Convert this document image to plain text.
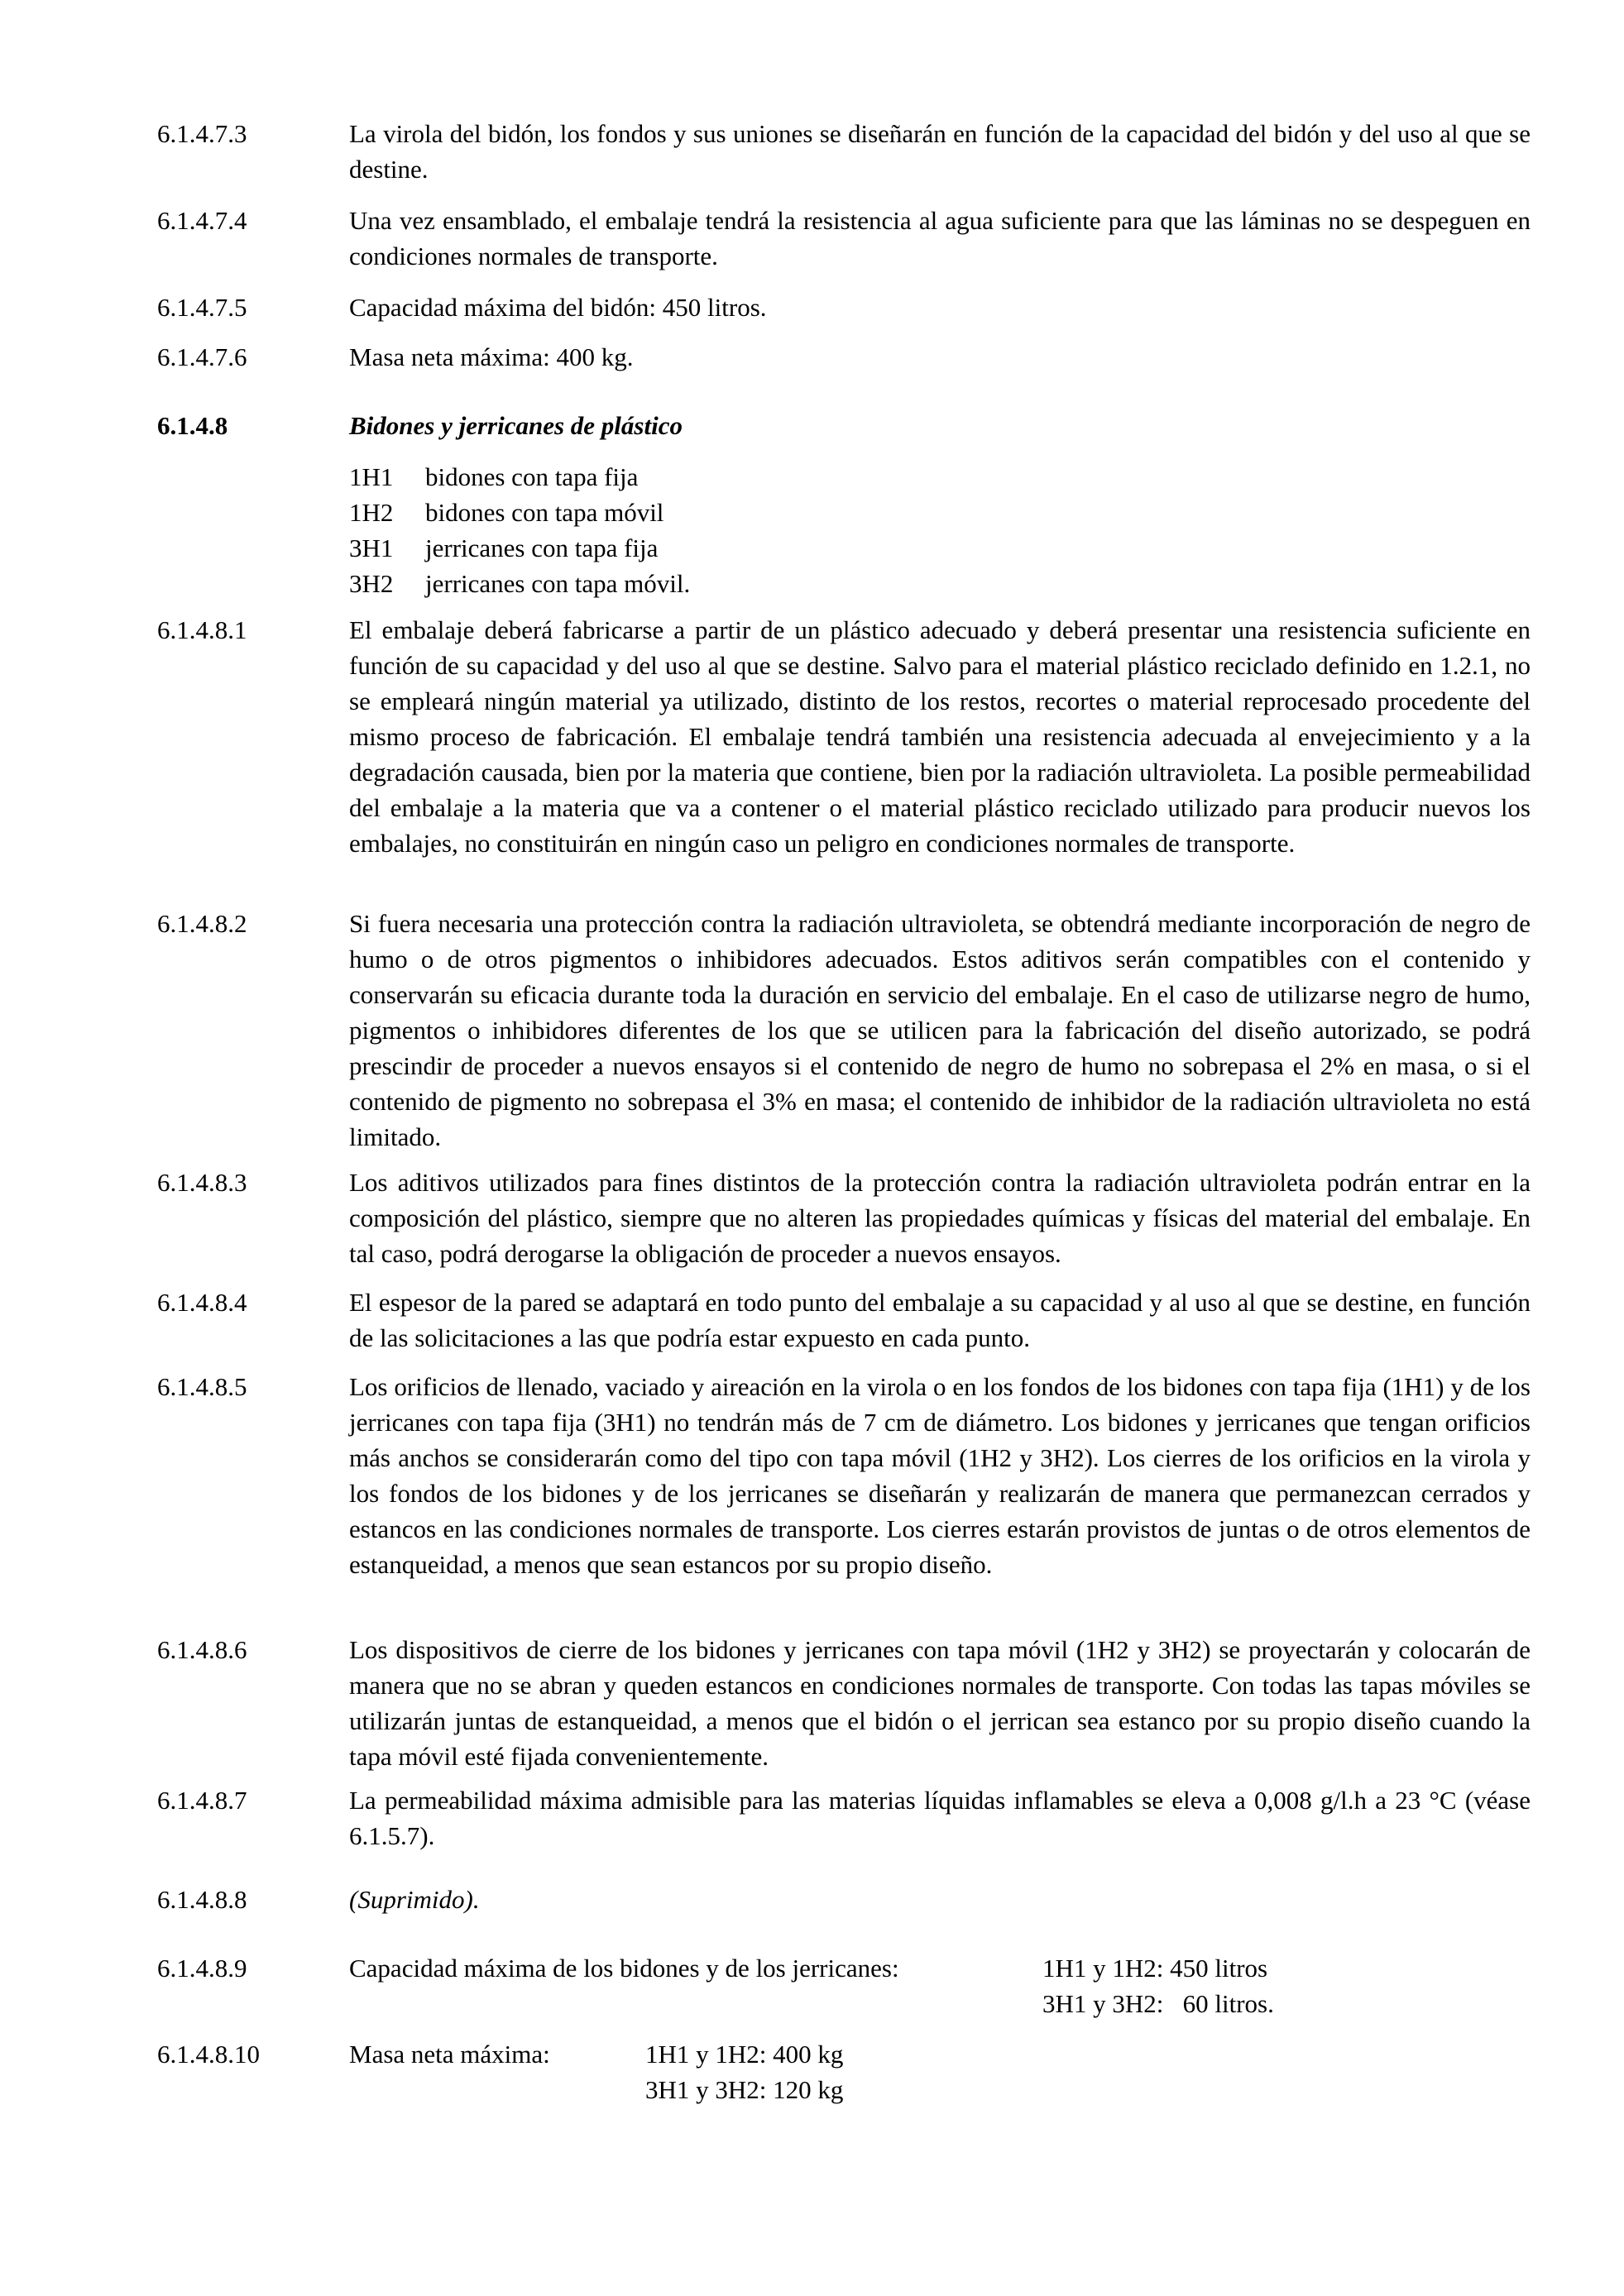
6.1.4.7.3	La virola del bidón, los fondos y sus uniones se diseñarán en función de la capacidad del bidón y del uso al que se destine.
6.1.4.7.4	Una vez ensamblado, el embalaje tendrá la resistencia al agua suficiente para que las láminas no se despeguen en condiciones normales de transporte.
6.1.4.7.5	Capacidad máxima del bidón: 450 litros.
6.1.4.7.6	Masa neta máxima: 400 kg.
6.1.4.8	Bidones y jerricanes de plástico
1H1 bidones con tapa fija
1H2 bidones con tapa móvil
3H1 jerricanes con tapa fija
3H2 jerricanes con tapa móvil.
6.1.4.8.1	El embalaje deberá fabricarse a partir de un plástico adecuado y deberá presentar una resistencia suficiente en función de su capacidad y del uso al que se destine. Salvo para el material plástico reciclado definido en 1.2.1, no se empleará ningún material ya utilizado, distinto de los restos, recortes o material reprocesado procedente del mismo proceso de fabricación. El embalaje tendrá también una resistencia adecuada al envejecimiento y a la degradación causada, bien por la materia que contiene, bien por la radiación ultravioleta. La posible permeabilidad del embalaje a la materia que va a contener o el material plástico reciclado utilizado para producir nuevos los embalajes, no constituirán en ningún caso un peligro en condiciones normales de transporte.
6.1.4.8.2	Si fuera necesaria una protección contra la radiación ultravioleta, se obtendrá mediante incorporación de negro de humo o de otros pigmentos o inhibidores adecuados. Estos aditivos serán compatibles con el contenido y conservarán su eficacia durante toda la duración en servicio del embalaje. En el caso de utilizarse negro de humo, pigmentos o inhibidores diferentes de los que se utilicen para la fabricación del diseño autorizado, se podrá prescindir de proceder a nuevos ensayos si el contenido de negro de humo no sobrepasa el 2% en masa, o si el contenido de pigmento no sobrepasa el 3% en masa; el contenido de inhibidor de la radiación ultravioleta no está limitado.
6.1.4.8.3	Los aditivos utilizados para fines distintos de la protección contra la radiación ultravioleta podrán entrar en la composición del plástico, siempre que no alteren las propiedades químicas y físicas del material del embalaje. En tal caso, podrá derogarse la obligación de proceder a nuevos ensayos.
6.1.4.8.4	El espesor de la pared se adaptará en todo punto del embalaje a su capacidad y al uso al que se destine, en función de las solicitaciones a las que podría estar expuesto en cada punto.
6.1.4.8.5	Los orificios de llenado, vaciado y aireación en la virola o en los fondos de los bidones con tapa fija (1H1) y de los jerricanes con tapa fija (3H1) no tendrán más de 7 cm de diámetro. Los bidones y jerricanes que tengan orificios más anchos se considerarán como del tipo con tapa móvil (1H2 y 3H2). Los cierres de los orificios en la virola y los fondos de los bidones y de los jerricanes se diseñarán y realizarán de manera que permanezcan cerrados y estancos en las condiciones normales de transporte. Los cierres estarán provistos de juntas o de otros elementos de estanqueidad, a menos que sean estancos por su propio diseño.
6.1.4.8.6	Los dispositivos de cierre de los bidones y jerricanes con tapa móvil (1H2 y 3H2) se proyectarán y colocarán de manera que no se abran y queden estancos en condiciones normales de transporte. Con todas las tapas móviles se utilizarán juntas de estanqueidad, a menos que el bidón o el jerrican sea estanco por su propio diseño cuando la tapa móvil esté fijada convenientemente.
6.1.4.8.7	La permeabilidad máxima admisible para las materias líquidas inflamables se eleva a 0,008 g/l.h a 23 °C (véase 6.1.5.7).
6.1.4.8.8	(Suprimido).
6.1.4.8.9	Capacidad máxima de los bidones y de los jerricanes:	1H1 y 1H2: 450 litros
3H1 y 3H2:   60 litros.
6.1.4.8.10	Masa neta máxima:	1H1 y 1H2: 400 kg
3H1 y 3H2: 120 kg
